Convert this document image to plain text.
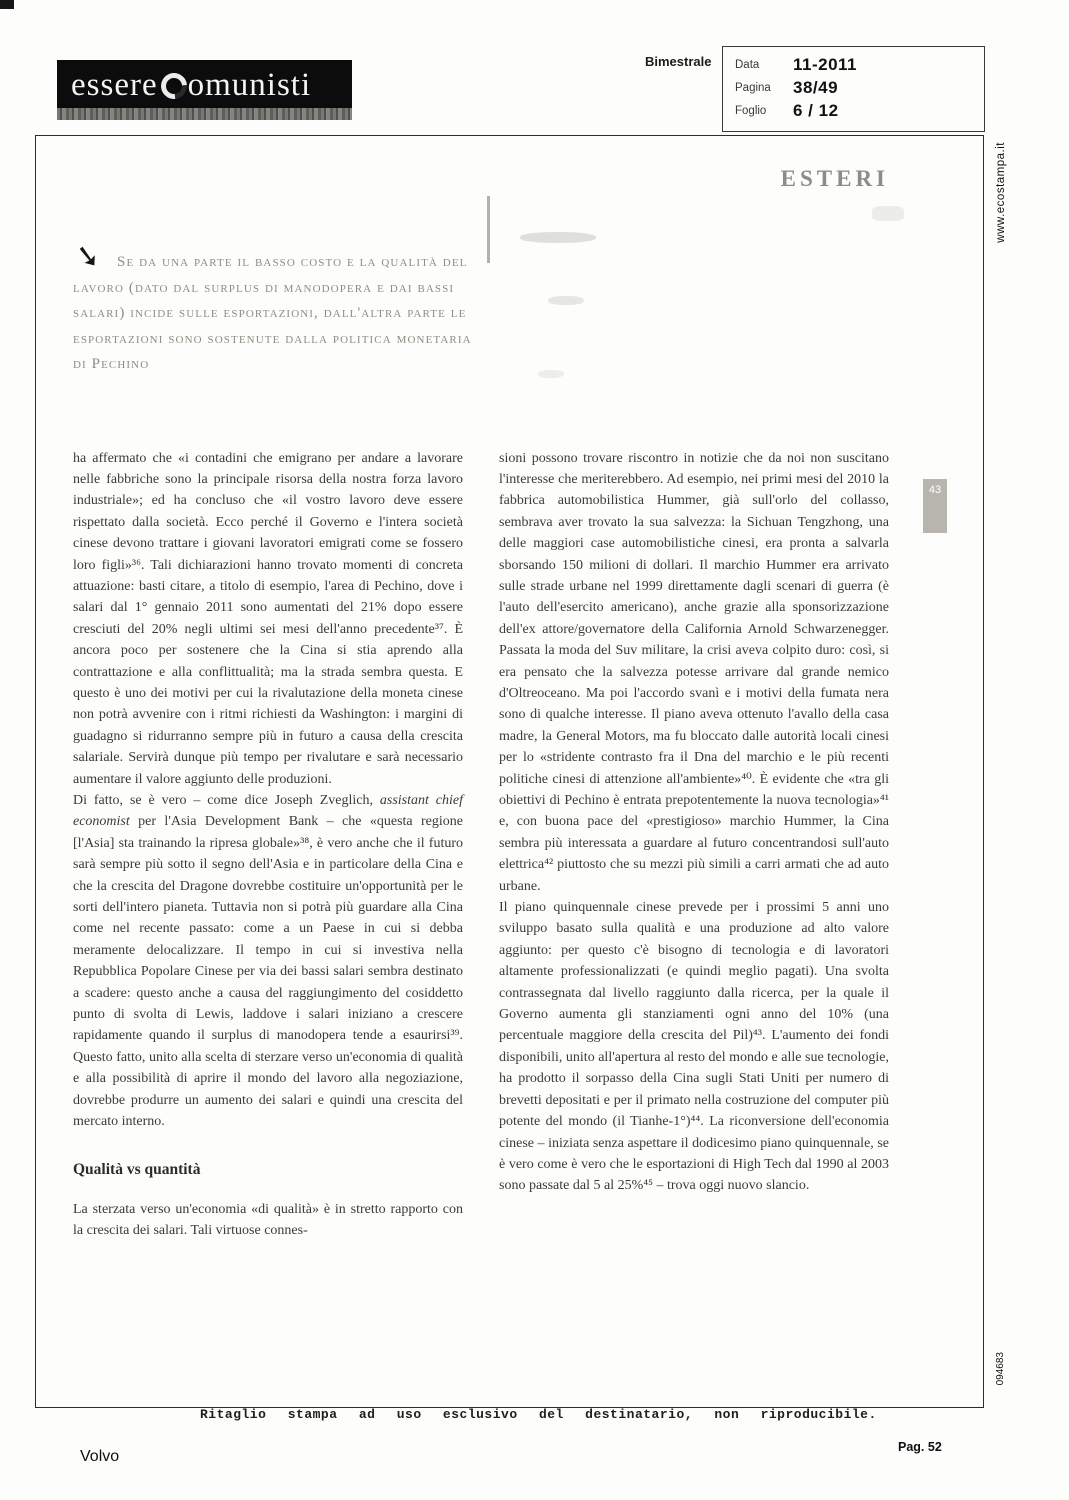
essere omunisti
Bimestrale Data	11-2011
Pagina	38/49
Foglio	6 / 12
www.ecostampa.it
094683
ESTERI
➘ Se da una parte il basso costo e la qualità del lavoro (dato dal surplus di manodopera e dai bassi salari) incide sulle esportazioni, dall'altra parte le esportazioni sono sostenute dalla politica monetaria di Pechino

ha affermato che «i contadini che emigrano per andare a lavorare nelle fabbriche sono la principale risorsa della nostra forza lavoro industriale»; ed ha concluso che «il vostro lavoro deve essere rispettato dalla società. Ecco perché il Governo e l'intera società cinese devono trattare i giovani lavoratori emigrati come se fossero loro figli»³⁶. Tali dichiarazioni hanno trovato momenti di concreta attuazione: basti citare, a titolo di esempio, l'area di Pechino, dove i salari dal 1° gennaio 2011 sono aumentati del 21% dopo essere cresciuti del 20% negli ultimi sei mesi dell'anno precedente³⁷. È ancora poco per sostenere che la Cina si stia aprendo alla contrattazione e alla conflittualità; ma la strada sembra questa. E questo è uno dei motivi per cui la rivalutazione della moneta cinese non potrà avvenire con i ritmi richiesti da Washington: i margini di guadagno si ridurranno sempre più in futuro a causa della crescita salariale. Servirà dunque più tempo per rivalutare e sarà necessario aumentare il valore aggiunto delle produzioni.

Di fatto, se è vero – come dice Joseph Zveglich, assistant chief economist per l'Asia Development Bank – che «questa regione [l'Asia] sta trainando la ripresa globale»³⁸, è vero anche che il futuro sarà sempre più sotto il segno dell'Asia e in particolare della Cina e che la crescita del Dragone dovrebbe costituire un'opportunità per le sorti dell'intero pianeta. Tuttavia non si potrà più guardare alla Cina come nel recente passato: come a un Paese in cui si debba meramente delocalizzare. Il tempo in cui si investiva nella Repubblica Popolare Cinese per via dei bassi salari sembra destinato a scadere: questo anche a causa del raggiungimento del cosiddetto punto di svolta di Lewis, laddove i salari iniziano a crescere rapidamente quando il surplus di manodopera tende a esaurirsi³⁹. Questo fatto, unito alla scelta di sterzare verso un'economia di qualità e alla possibilità di aprire il mondo del lavoro alla negoziazione, dovrebbe produrre un aumento dei salari e quindi una crescita del mercato interno.

Qualità vs quantità

La sterzata verso un'economia «di qualità» è in stretto rapporto con la crescita dei salari. Tali virtuose connes-

sioni possono trovare riscontro in notizie che da noi non suscitano l'interesse che meriterebbero. Ad esempio, nei primi mesi del 2010 la fabbrica automobilistica Hummer, già sull'orlo del collasso, sembrava aver trovato la sua salvezza: la Sichuan Tengzhong, una delle maggiori case automobilistiche cinesi, era pronta a salvarla sborsando 150 milioni di dollari. Il marchio Hummer era arrivato sulle strade urbane nel 1999 direttamente dagli scenari di guerra (è l'auto dell'esercito americano), anche grazie alla sponsorizzazione dell'ex attore/governatore della California Arnold Schwarzenegger. Passata la moda del Suv militare, la crisi aveva colpito duro: così, si era pensato che la salvezza potesse arrivare dal grande nemico d'Oltreoceano. Ma poi l'accordo svanì e i motivi della fumata nera sono di qualche interesse. Il piano aveva ottenuto l'avallo della casa madre, la General Motors, ma fu bloccato dalle autorità locali cinesi per lo «stridente contrasto fra il Dna del marchio e le più recenti politiche cinesi di attenzione all'ambiente»⁴⁰. È evidente che «tra gli obiettivi di Pechino è entrata prepotentemente la nuova tecnologia»⁴¹ e, con buona pace del «prestigioso» marchio Hummer, la Cina sembra più interessata a guardare al futuro concentrandosi sull'auto elettrica⁴² piuttosto che su mezzi più simili a carri armati che ad auto urbane.

Il piano quinquennale cinese prevede per i prossimi 5 anni uno sviluppo basato sulla qualità e una produzione ad alto valore aggiunto: per questo c'è bisogno di tecnologia e di lavoratori altamente professionalizzati (e quindi meglio pagati). Una svolta contrassegnata dal livello raggiunto dalla ricerca, per la quale il Governo aumenta gli stanziamenti ogni anno del 10% (una percentuale maggiore della crescita del Pil)⁴³. L'aumento dei fondi disponibili, unito all'apertura al resto del mondo e alle sue tecnologie, ha prodotto il sorpasso della Cina sugli Stati Uniti per numero di brevetti depositati e per il primato nella costruzione del computer più potente del mondo (il Tianhe-1°)⁴⁴. La riconversione dell'economia cinese – iniziata senza aspettare il dodicesimo piano quinquennale, se è vero come è vero che le esportazioni di High Tech dal 1990 al 2003 sono passate dal 5 al 25%⁴⁵ – trova oggi nuovo slancio.

43
Ritaglio stampa ad uso esclusivo del destinatario, non riproducibile.
Volvo
Pag. 52
